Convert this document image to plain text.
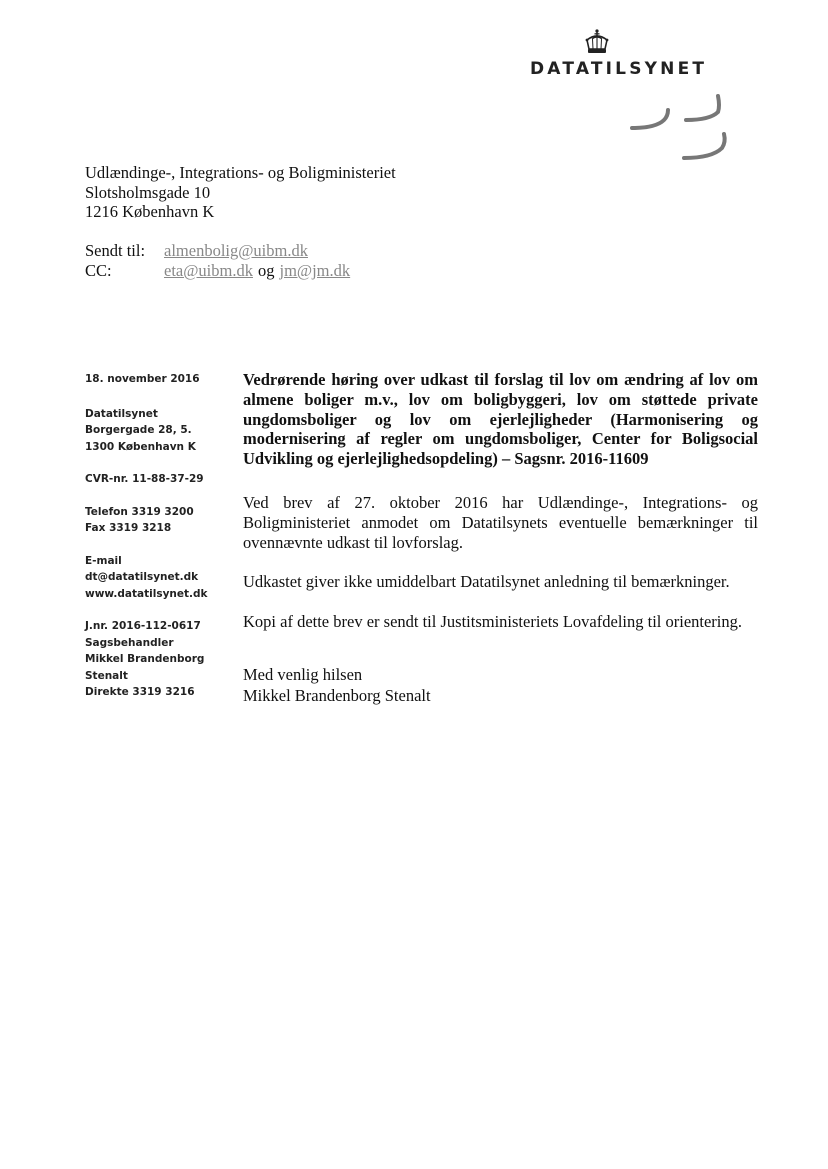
DATATILSYNET
Udlændinge-, Integrations- og Boligministeriet
Slotsholmsgade 10
1216 København K
Sendt til:	almenbolig@uibm.dk
CC:	eta@uibm.dk og jm@jm.dk
18. november 2016
Datatilsynet
Borgergade 28, 5.
1300 København K
CVR-nr. 11-88-37-29
Telefon 3319 3200
Fax 3319 3218
E-mail
dt@datatilsynet.dk
www.datatilsynet.dk
J.nr. 2016-112-0617
Sagsbehandler
Mikkel Brandenborg
Stenalt
Direkte 3319 3216
Vedrørende høring over udkast til forslag til lov om ændring af lov om almene boliger m.v., lov om boligbyggeri, lov om støttede private ungdomsboliger og lov om ejerlejligheder (Harmonisering og modernisering af regler om ungdomsboliger, Center for Boligsocial Udvikling og ejerlejlighedsopdeling) – Sagsnr. 2016-11609

Ved brev af 27. oktober 2016 har Udlændinge-, Integrations- og Boligministeriet anmodet om Datatilsynets eventuelle bemærkninger til ovennævnte udkast til lovforslag.

Udkastet giver ikke umiddelbart Datatilsynet anledning til bemærkninger.

Kopi af dette brev er sendt til Justitsministeriets Lovafdeling til orientering.

Med venlig hilsen
Mikkel Brandenborg Stenalt
